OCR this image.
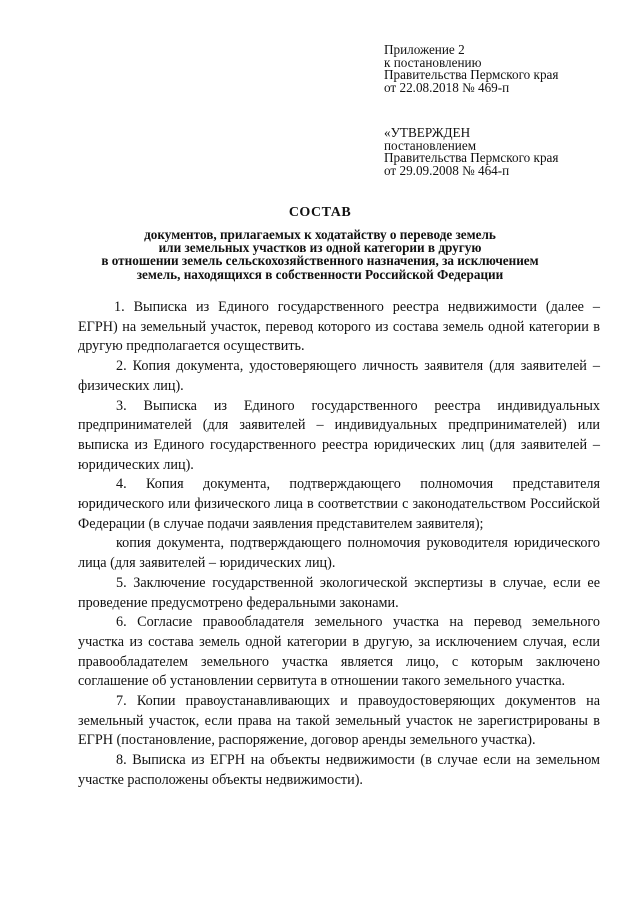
Приложение 2
к постановлению
Правительства Пермского края
от 22.08.2018 № 469-п
«УТВЕРЖДЕН
постановлением
Правительства Пермского края
от 29.09.2008 № 464-п
СОСТАВ
документов, прилагаемых к ходатайству о переводе земель
или земельных участков из одной категории в другую
в отношении земель сельскохозяйственного назначения, за исключением
земель, находящихся в собственности Российской Федерации

1. Выписка из Единого государственного реестра недвижимости (далее – ЕГРН) на земельный участок, перевод которого из состава земель одной категории в другую предполагается осуществить.

2. Копия документа, удостоверяющего личность заявителя (для заявителей – физических лиц).

3. Выписка из Единого государственного реестра индивидуальных предпринимателей (для заявителей – индивидуальных предпринимателей) или выписка из Единого государственного реестра юридических лиц (для заявителей – юридических лиц).

4. Копия документа, подтверждающего полномочия представителя юридического или физического лица в соответствии с законодательством Российской Федерации (в случае подачи заявления представителем заявителя);

копия документа, подтверждающего полномочия руководителя юридического лица (для заявителей – юридических лиц).

5. Заключение государственной экологической экспертизы в случае, если ее проведение предусмотрено федеральными законами.

6. Согласие правообладателя земельного участка на перевод земельного участка из состава земель одной категории в другую, за исключением случая, если правообладателем земельного участка является лицо, с которым заключено соглашение об установлении сервитута в отношении такого земельного участка.

7. Копии правоустанавливающих и правоудостоверяющих документов на земельный участок, если права на такой земельный участок не зарегистрированы в ЕГРН (постановление, распоряжение, договор аренды земельного участка).

8. Выписка из ЕГРН на объекты недвижимости (в случае если на земельном участке расположены объекты недвижимости).
